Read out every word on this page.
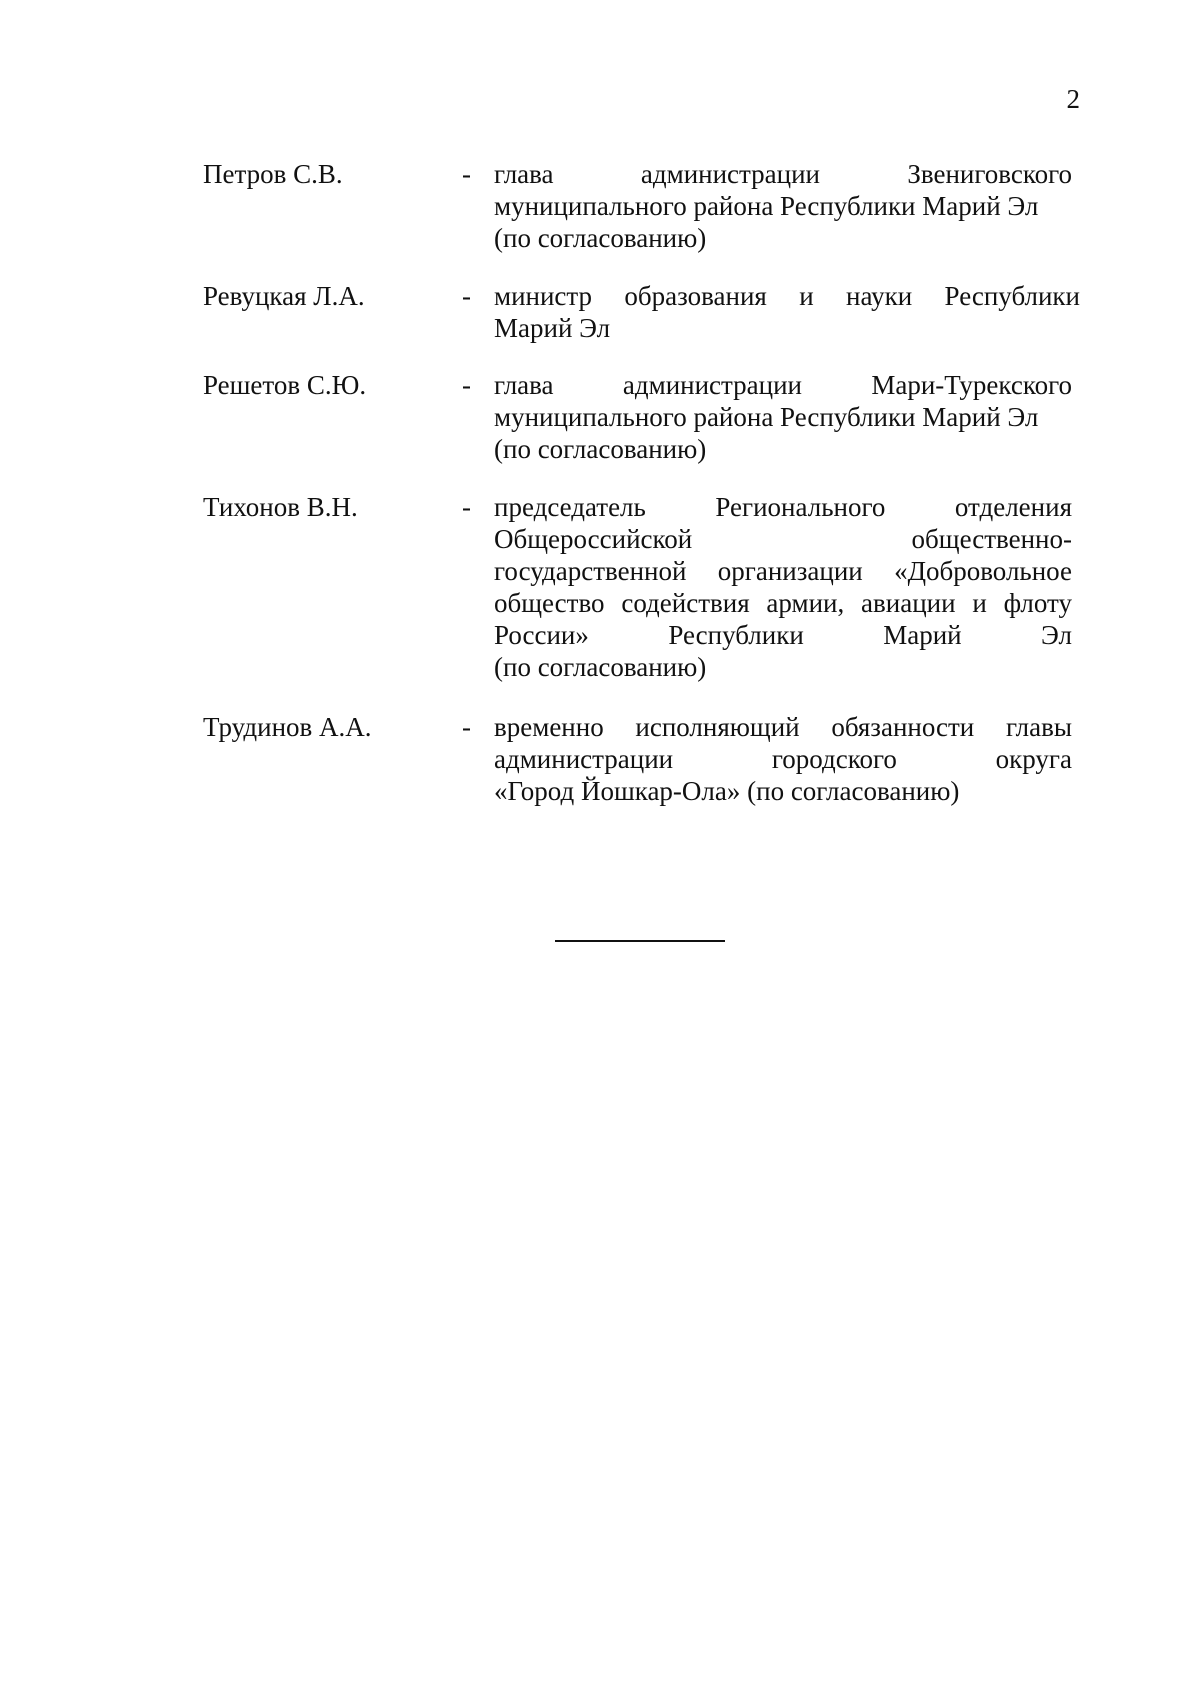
2
Петров С.В.	- глава администрации Звениговского
муниципального района Республики Марий Эл
(по согласованию)
Ревуцкая Л.А.	- министр образования и науки Республики
Марий Эл
Решетов С.Ю.	- глава администрации Мари-Турекского
муниципального района Республики Марий Эл
(по согласованию)
Тихонов В.Н.	- председатель Регионального отделения
Общероссийской общественно-
государственной организации «Добровольное
общество содействия армии, авиации и флоту
России» Республики Марий Эл
(по согласованию)
Трудинов А.А.	- временно исполняющий обязанности главы
администрации городского округа
«Город Йошкар-Ола» (по согласованию)
